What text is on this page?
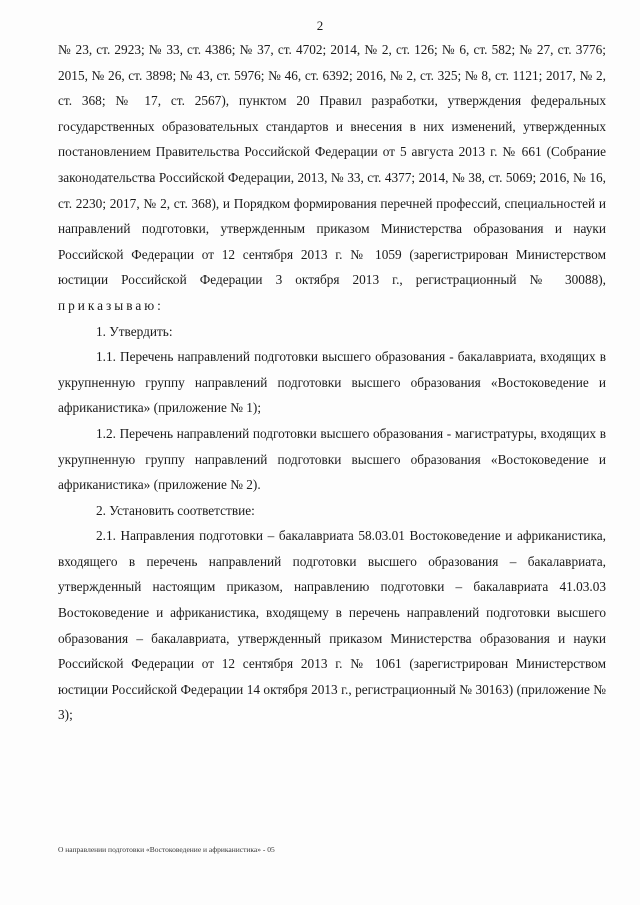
2

№ 23, ст. 2923; № 33, ст. 4386; № 37, ст. 4702; 2014, № 2, ст. 126; № 6, ст. 582; № 27, ст. 3776; 2015, № 26, ст. 3898; № 43, ст. 5976; № 46, ст. 6392; 2016, № 2, ст. 325; № 8, ст. 1121; 2017, № 2, ст. 368; № 17, ст. 2567), пунктом 20 Правил разработки, утверждения федеральных государственных образовательных стандартов и внесения в них изменений, утвержденных постановлением Правительства Российской Федерации от 5 августа 2013 г. № 661 (Собрание законодательства Российской Федерации, 2013, № 33, ст. 4377; 2014, № 38, ст. 5069; 2016, № 16, ст. 2230; 2017, № 2, ст. 368), и Порядком формирования перечней профессий, специальностей и направлений подготовки, утвержденным приказом Министерства образования и науки Российской Федерации от 12 сентября 2013 г. № 1059 (зарегистрирован Министерством юстиции Российской Федерации 3 октября 2013 г., регистрационный № 30088), приказываю:

1. Утвердить:

1.1. Перечень направлений подготовки высшего образования - бакалавриата, входящих в укрупненную группу направлений подготовки высшего образования «Востоковедение и африканистика» (приложение № 1);

1.2. Перечень направлений подготовки высшего образования - магистратуры, входящих в укрупненную группу направлений подготовки высшего образования «Востоковедение и африканистика» (приложение № 2).

2. Установить соответствие:

2.1. Направления подготовки – бакалавриата 58.03.01 Востоковедение и африканистика, входящего в перечень направлений подготовки высшего образования – бакалавриата, утвержденный настоящим приказом, направлению подготовки – бакалавриата 41.03.03 Востоковедение и африканистика, входящему в перечень направлений подготовки высшего образования – бакалавриата, утвержденный приказом Министерства образования и науки Российской Федерации от 12 сентября 2013 г. № 1061 (зарегистрирован Министерством юстиции Российской Федерации 14 октября 2013 г., регистрационный № 30163) (приложение № 3);

О направлении подготовки «Востоковедение и африканистика» - 05
